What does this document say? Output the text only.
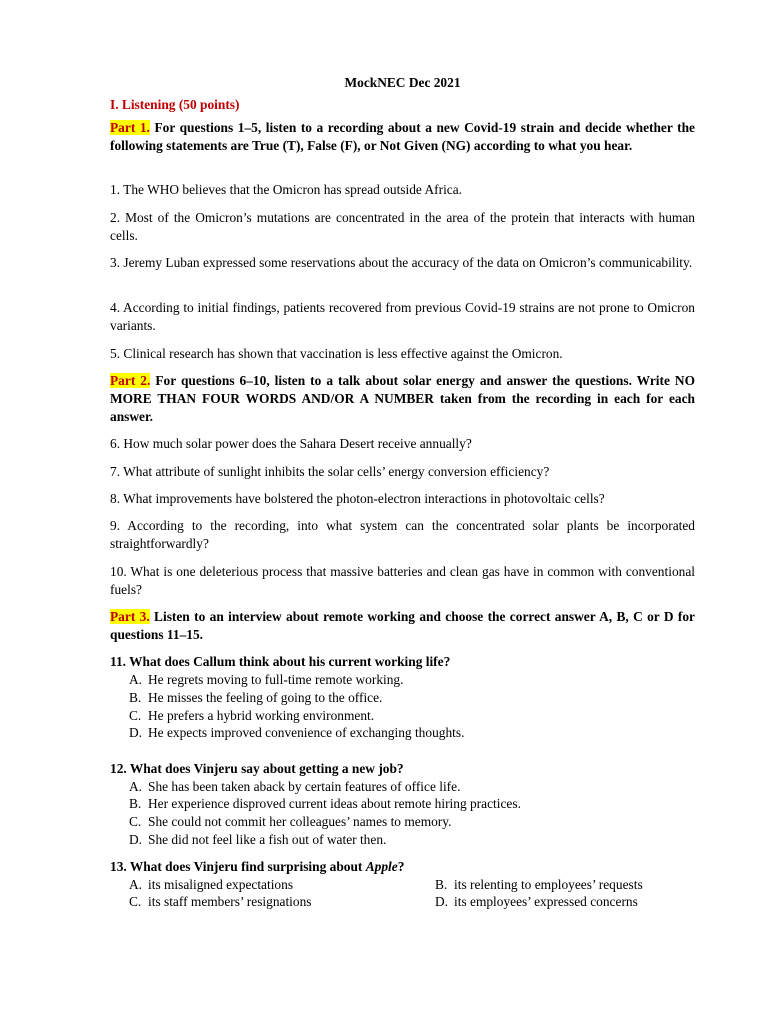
MockNEC Dec 2021
I. Listening (50 points)
Part 1. For questions 1–5, listen to a recording about a new Covid-19 strain and decide whether the following statements are True (T), False (F), or Not Given (NG) according to what you hear.
1. The WHO believes that the Omicron has spread outside Africa.
2. Most of the Omicron’s mutations are concentrated in the area of the protein that interacts with human cells.
3. Jeremy Luban expressed some reservations about the accuracy of the data on Omicron’s communicability.
4. According to initial findings, patients recovered from previous Covid-19 strains are not prone to Omicron variants.
5. Clinical research has shown that vaccination is less effective against the Omicron.
Part 2. For questions 6–10, listen to a talk about solar energy and answer the questions. Write NO MORE THAN FOUR WORDS AND/OR A NUMBER taken from the recording in each for each answer.
6. How much solar power does the Sahara Desert receive annually?
7. What attribute of sunlight inhibits the solar cells’ energy conversion efficiency?
8. What improvements have bolstered the photon-electron interactions in photovoltaic cells?
9. According to the recording, into what system can the concentrated solar plants be incorporated straightforwardly?
10. What is one deleterious process that massive batteries and clean gas have in common with conventional fuels?
Part 3. Listen to an interview about remote working and choose the correct answer A, B, C or D for questions 11–15.
11. What does Callum think about his current working life?
A. He regrets moving to full-time remote working.
B. He misses the feeling of going to the office.
C. He prefers a hybrid working environment.
D. He expects improved convenience of exchanging thoughts.
12. What does Vinjeru say about getting a new job?
A. She has been taken aback by certain features of office life.
B. Her experience disproved current ideas about remote hiring practices.
C. She could not commit her colleagues’ names to memory.
D. She did not feel like a fish out of water then.
13. What does Vinjeru find surprising about Apple?
A. its misaligned expectations	B. its relenting to employees’ requests
C. its staff members’ resignations	D. its employees’ expressed concerns
